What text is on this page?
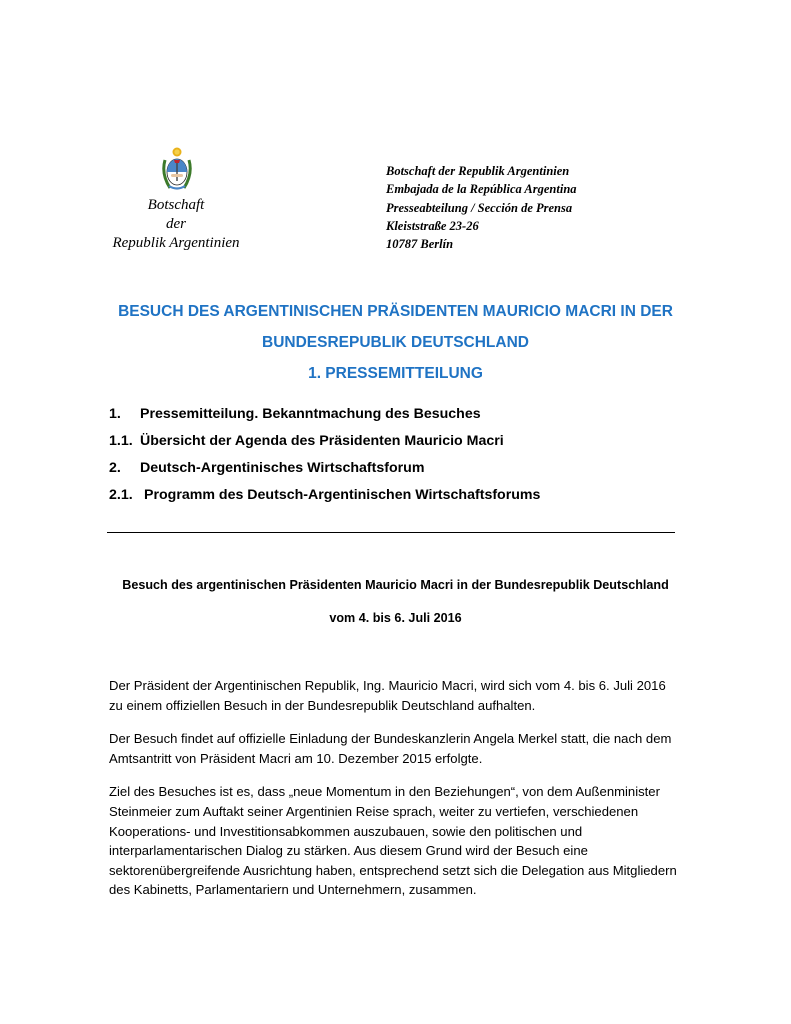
Botschaft
der
Republik Argentinien
Botschaft der Republik Argentinien
Embajada de la República Argentina
Presseabteilung / Sección de Prensa
Kleiststraße 23-26
10787 Berlín
BESUCH DES ARGENTINISCHEN PRÄSIDENTEN MAURICIO MACRI IN DER
BUNDESREPUBLIK DEUTSCHLAND
1. PRESSEMITTEILUNG
1. Pressemitteilung. Bekanntmachung des Besuches
1.1. Übersicht der Agenda des Präsidenten Mauricio Macri
2. Deutsch-Argentinisches Wirtschaftsforum
2.1. Programm des Deutsch-Argentinischen Wirtschaftsforums
Besuch des argentinischen Präsidenten Mauricio Macri in der Bundesrepublik Deutschland
vom 4. bis 6. Juli 2016

Der Präsident der Argentinischen Republik, Ing. Mauricio Macri, wird sich vom 4. bis 6. Juli 2016
zu einem offiziellen Besuch in der Bundesrepublik Deutschland aufhalten.

Der Besuch findet auf offizielle Einladung der Bundeskanzlerin Angela Merkel statt, die nach dem
Amtsantritt von Präsident Macri am 10. Dezember 2015 erfolgte.

Ziel des Besuches ist es, dass „neue Momentum in den Beziehungen“, von dem Außenminister
Steinmeier zum Auftakt seiner Argentinien Reise sprach, weiter zu vertiefen, verschiedenen
Kooperations- und Investitionsabkommen auszubauen, sowie den politischen und
interparlamentarischen Dialog zu stärken. Aus diesem Grund wird der Besuch eine
sektorenübergreifende Ausrichtung haben, entsprechend setzt sich die Delegation aus Mitgliedern
des Kabinetts, Parlamentariern und Unternehmern, zusammen.
